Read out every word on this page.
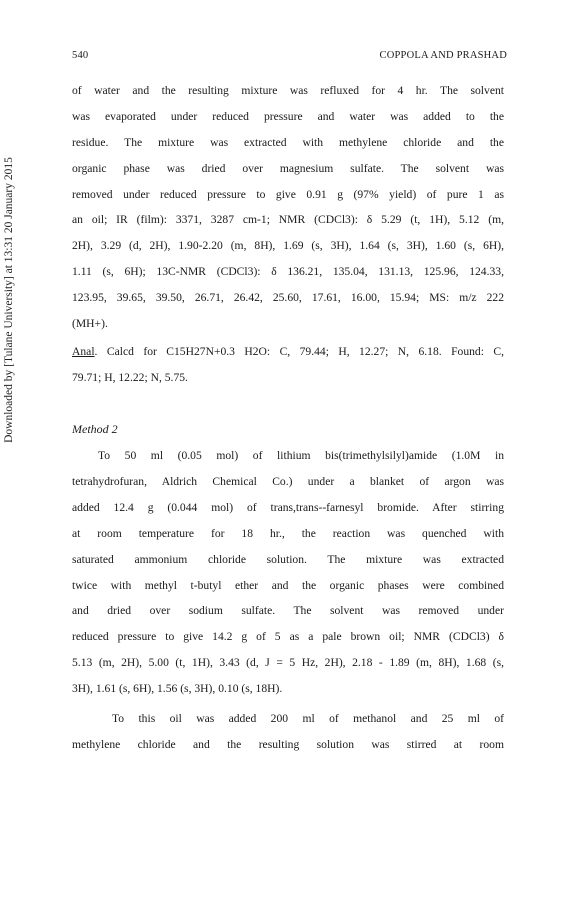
540	COPPOLA AND PRASHAD
Downloaded by [Tulane University] at 13:31 20 January 2015
of water and the resulting mixture was refluxed for 4 hr. The solvent
was evaporated under reduced pressure and water was added to the
residue. The mixture was extracted with methylene chloride and the
organic phase was dried over magnesium sulfate. The solvent was
removed under reduced pressure to give 0.91 g (97% yield) of pure 1 as
an oil; IR (film): 3371, 3287 cm-1; NMR (CDCl3): δ 5.29 (t, 1H), 5.12 (m,
2H), 3.29 (d, 2H), 1.90-2.20 (m, 8H), 1.69 (s, 3H), 1.64 (s, 3H), 1.60 (s, 6H),
1.11 (s, 6H); 13C-NMR (CDCl3): δ 136.21, 135.04, 131.13, 125.96, 124.33,
123.95, 39.65, 39.50, 26.71, 26.42, 25.60, 17.61, 16.00, 15.94; MS: m/z 222
(MH+).
Anal. Calcd for C15H27N+0.3 H2O: C, 79.44; H, 12.27; N, 6.18. Found: C,
79.71; H, 12.22; N, 5.75.
Method 2
To 50 ml (0.05 mol) of lithium bis(trimethylsilyl)amide (1.0M in
tetrahydrofuran, Aldrich Chemical Co.) under a blanket of argon was
added 12.4 g (0.044 mol) of trans,trans--farnesyl bromide. After stirring
at room temperature for 18 hr., the reaction was quenched with
saturated ammonium chloride solution. The mixture was extracted
twice with methyl t-butyl ether and the organic phases were combined
and dried over sodium sulfate. The solvent was removed under
reduced pressure to give 14.2 g of 5 as a pale brown oil; NMR (CDCl3) δ
5.13 (m, 2H), 5.00 (t, 1H), 3.43 (d, J = 5 Hz, 2H), 2.18 - 1.89 (m, 8H), 1.68 (s,
3H), 1.61 (s, 6H), 1.56 (s, 3H), 0.10 (s, 18H).
To this oil was added 200 ml of methanol and 25 ml of
methylene chloride and the resulting solution was stirred at room
